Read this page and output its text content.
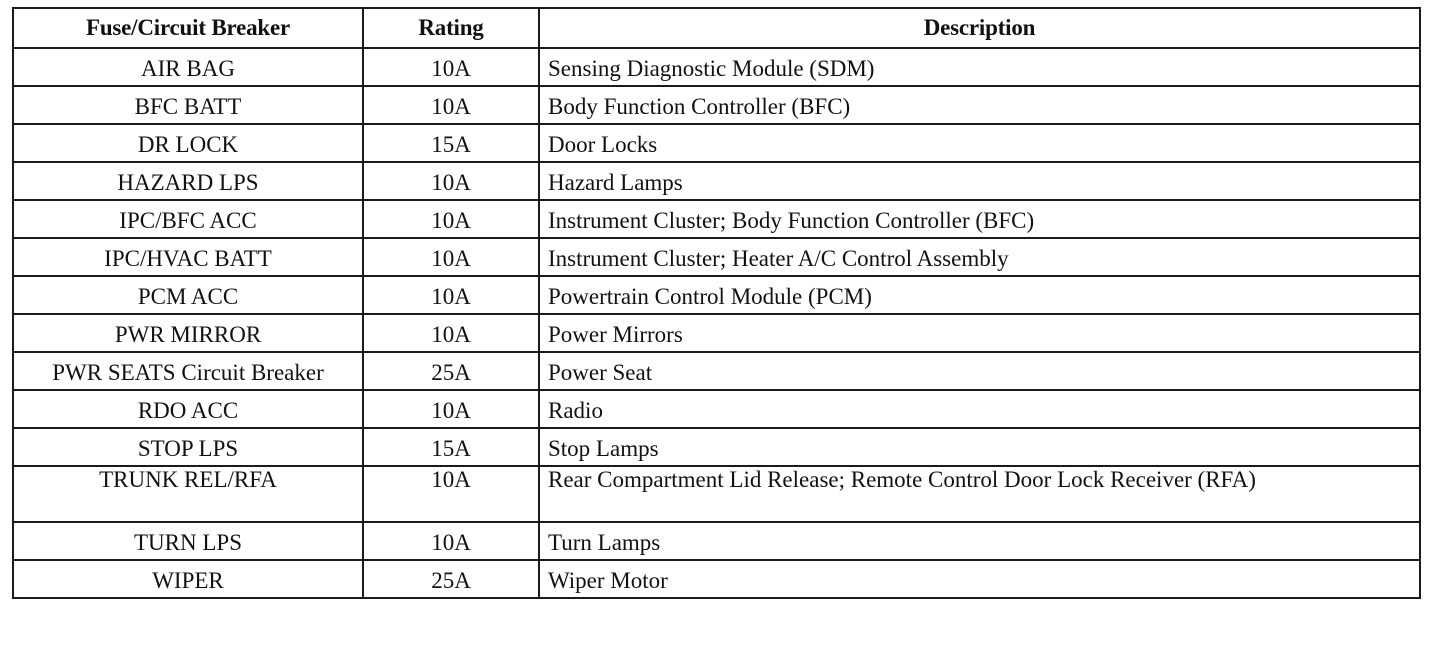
Fuse/Circuit Breaker	Rating	Description
AIR BAG	10A	Sensing Diagnostic Module (SDM)
BFC BATT	10A	Body Function Controller (BFC)
DR LOCK	15A	Door Locks
HAZARD LPS	10A	Hazard Lamps
IPC/BFC ACC	10A	Instrument Cluster; Body Function Controller (BFC)
IPC/HVAC BATT	10A	Instrument Cluster; Heater A/C Control Assembly
PCM ACC	10A	Powertrain Control Module (PCM)
PWR MIRROR	10A	Power Mirrors
PWR SEATS Circuit Breaker	25A	Power Seat
RDO ACC	10A	Radio
STOP LPS	15A	Stop Lamps
TRUNK REL/RFA	10A	Rear Compartment Lid Release; Remote Control Door Lock Receiver (RFA)
TURN LPS	10A	Turn Lamps
WIPER	25A	Wiper Motor
